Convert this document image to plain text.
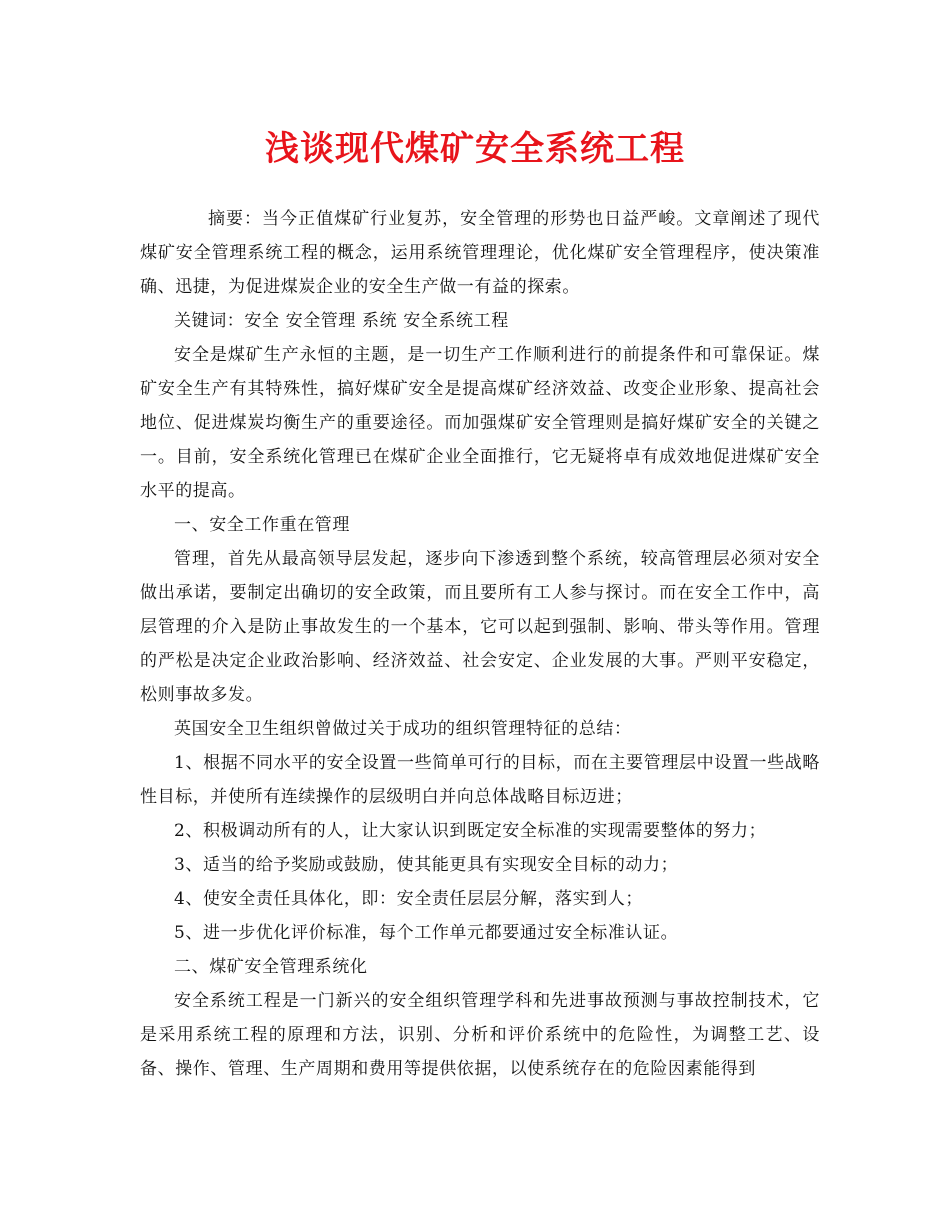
浅谈现代煤矿安全系统工程

摘要：当今正值煤矿行业复苏，安全管理的形势也日益严峻。文章阐述了现代煤矿安全管理系统工程的概念，运用系统管理理论，优化煤矿安全管理程序，使决策准确、迅捷，为促进煤炭企业的安全生产做一有益的探索。

关键词：安全 安全管理 系统 安全系统工程

安全是煤矿生产永恒的主题，是一切生产工作顺利进行的前提条件和可靠保证。煤矿安全生产有其特殊性，搞好煤矿安全是提高煤矿经济效益、改变企业形象、提高社会地位、促进煤炭均衡生产的重要途径。而加强煤矿安全管理则是搞好煤矿安全的关键之一。目前，安全系统化管理已在煤矿企业全面推行，它无疑将卓有成效地促进煤矿安全水平的提高。

一、安全工作重在管理

管理，首先从最高领导层发起，逐步向下渗透到整个系统，较高管理层必须对安全做出承诺，要制定出确切的安全政策，而且要所有工人参与探讨。而在安全工作中，高层管理的介入是防止事故发生的一个基本，它可以起到强制、影响、带头等作用。管理的严松是决定企业政治影响、经济效益、社会安定、企业发展的大事。严则平安稳定，松则事故多发。

英国安全卫生组织曾做过关于成功的组织管理特征的总结：

1、根据不同水平的安全设置一些简单可行的目标，而在主要管理层中设置一些战略性目标，并使所有连续操作的层级明白并向总体战略目标迈进；

2、积极调动所有的人，让大家认识到既定安全标准的实现需要整体的努力；

3、适当的给予奖励或鼓励，使其能更具有实现安全目标的动力；

4、使安全责任具体化，即：安全责任层层分解，落实到人；

5、进一步优化评价标准，每个工作单元都要通过安全标准认证。

二、煤矿安全管理系统化

安全系统工程是一门新兴的安全组织管理学科和先进事故预测与事故控制技术，它是采用系统工程的原理和方法，识别、分析和评价系统中的危险性，为调整工艺、设备、操作、管理、生产周期和费用等提供依据，以使系统存在的危险因素能得到
